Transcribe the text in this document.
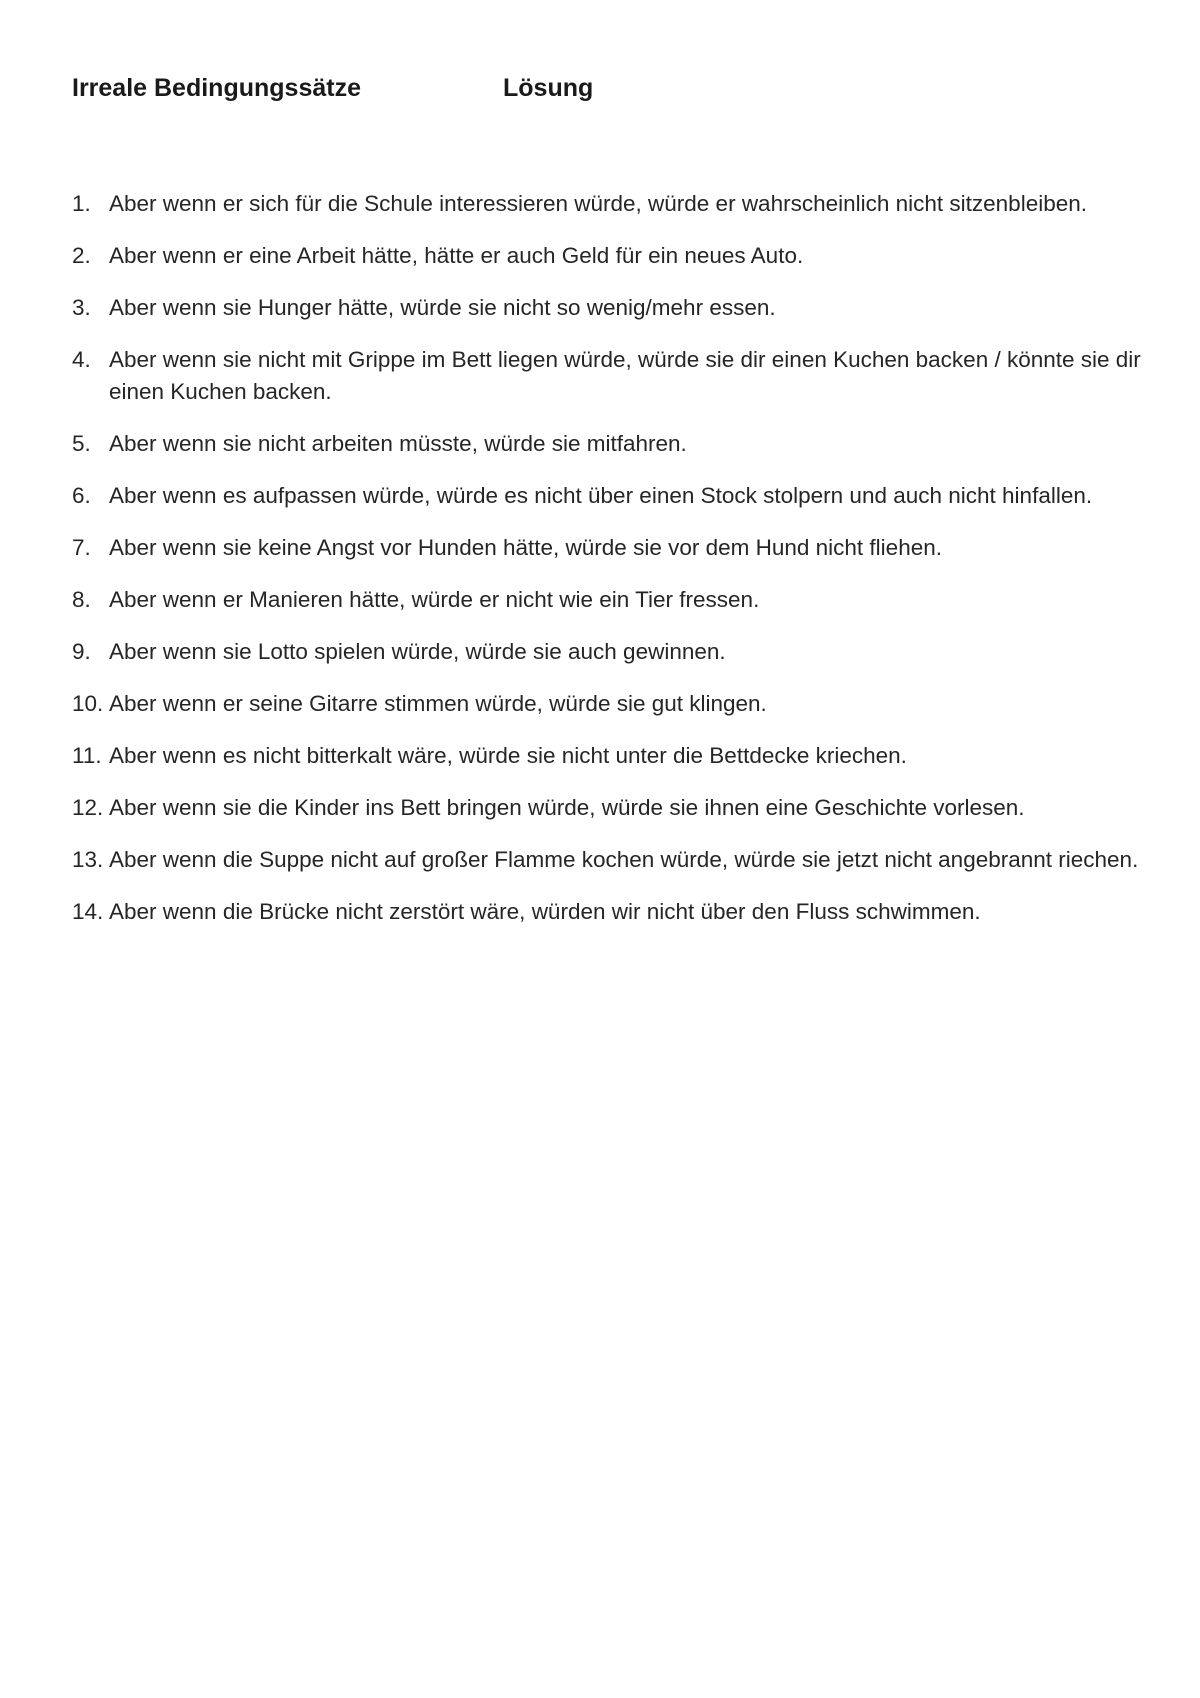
Irreale Bedingungssätze	Lösung
1. Aber wenn er sich für die Schule interessieren würde, würde er wahrscheinlich nicht sitzenbleiben.
2. Aber wenn er eine Arbeit hätte, hätte er auch Geld für ein neues Auto.
3. Aber wenn sie Hunger hätte, würde sie nicht so wenig/mehr essen.
4. Aber wenn sie nicht mit Grippe im Bett liegen würde, würde sie dir einen Kuchen backen / könnte sie dir einen Kuchen backen.
5. Aber wenn sie nicht arbeiten müsste, würde sie mitfahren.
6. Aber wenn es aufpassen würde, würde es nicht über einen Stock stolpern und auch nicht hinfallen.
7. Aber wenn sie keine Angst vor Hunden hätte, würde sie vor dem Hund nicht fliehen.
8. Aber wenn er Manieren hätte, würde er nicht wie ein Tier fressen.
9. Aber wenn sie Lotto spielen würde, würde sie auch gewinnen.
10. Aber wenn er seine Gitarre stimmen würde, würde sie gut klingen.
11. Aber wenn es nicht bitterkalt wäre, würde sie nicht unter die Bettdecke kriechen.
12. Aber wenn sie die Kinder ins Bett bringen würde, würde sie ihnen eine Geschichte vorlesen.
13. Aber wenn die Suppe nicht auf großer Flamme kochen würde, würde sie jetzt nicht angebrannt riechen.
14. Aber wenn die Brücke nicht zerstört wäre, würden wir nicht über den Fluss schwimmen.
